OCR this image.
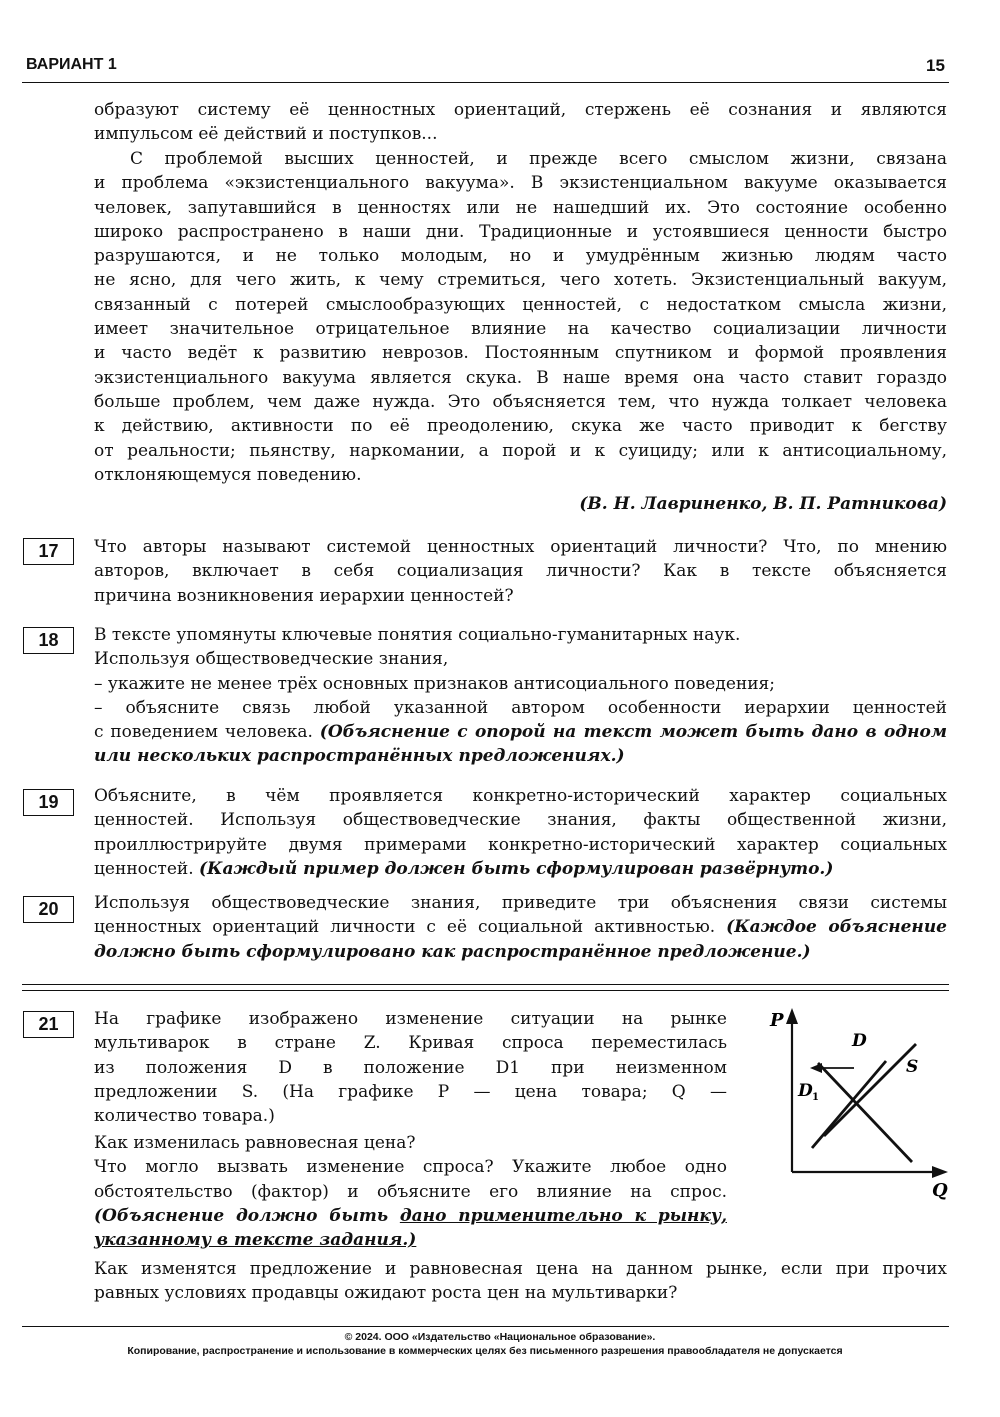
ВАРИАНТ 1	15
образуют систему её ценностных ориентаций, стержень её сознания и являются
импульсом её действий и поступков...
С проблемой высших ценностей, и прежде всего смыслом жизни, связана
и проблема «экзистенциального вакуума». В экзистенциальном вакууме оказывается
человек, запутавшийся в ценностях или не нашедший их. Это состояние особенно
широко распространено в наши дни. Традиционные и устоявшиеся ценности быстро
разрушаются, и не только молодым, но и умудрённым жизнью людям часто
не ясно, для чего жить, к чему стремиться, чего хотеть. Экзистенциальный вакуум,
связанный с потерей смыслообразующих ценностей, с недостатком смысла жизни,
имеет значительное отрицательное влияние на качество социализации личности
и часто ведёт к развитию неврозов. Постоянным спутником и формой проявления
экзистенциального вакуума является скука. В наше время она часто ставит гораздо
больше проблем, чем даже нужда. Это объясняется тем, что нужда толкает человека
к действию, активности по её преодолению, скука же часто приводит к бегству
от реальности; пьянству, наркомании, а порой и к суициду; или к антисоциальному,
отклоняющемуся поведению.
(В. Н. Лавриненко, В. П. Ратникова)
17	Что авторы называют системой ценностных ориентаций личности? Что, по мнению
авторов, включает в себя социализация личности? Как в тексте объясняется
причина возникновения иерархии ценностей?
18	В тексте упомянуты ключевые понятия социально-гуманитарных наук.
Используя обществоведческие знания,
– укажите не менее трёх основных признаков антисоциального поведения;
– объясните связь любой указанной автором особенности иерархии ценностей
с поведением человека. (Объяснение с опорой на текст может быть дано в одном
или нескольких распространённых предложениях.)
19	Объясните, в чём проявляется конкретно-исторический характер социальных
ценностей. Используя обществоведческие знания, факты общественной жизни,
проиллюстрируйте двумя примерами конкретно-исторический характер социальных
ценностей. (Каждый пример должен быть сформулирован развёрнуто.)
20	Используя обществоведческие знания, приведите три объяснения связи системы
ценностных ориентаций личности с её социальной активностью. (Каждое объяснение
должно быть сформулировано как распространённое предложение.)
21	На графике изображено изменение ситуации на рынке
мультиварок в стране Z. Кривая спроса переместилась
из положения D в положение D1 при неизменном
предложении S. (На графике P — цена товара; Q —
количество товара.)
Как изменилась равновесная цена?
Что могло вызвать изменение спроса? Укажите любое одно
обстоятельство (фактор) и объясните его влияние на спрос.
(Объяснение должно быть дано применительно к рынку,
указанному в тексте задания.)
Как изменятся предложение и равновесная цена на данном рынке, если при прочих
равных условиях продавцы ожидают роста цен на мультиварки?
P
Q
D
D 1
S
© 2024. ООО «Издательство «Национальное образование».
Копирование, распространение и использование в коммерческих целях без письменного разрешения правообладателя не допускается
